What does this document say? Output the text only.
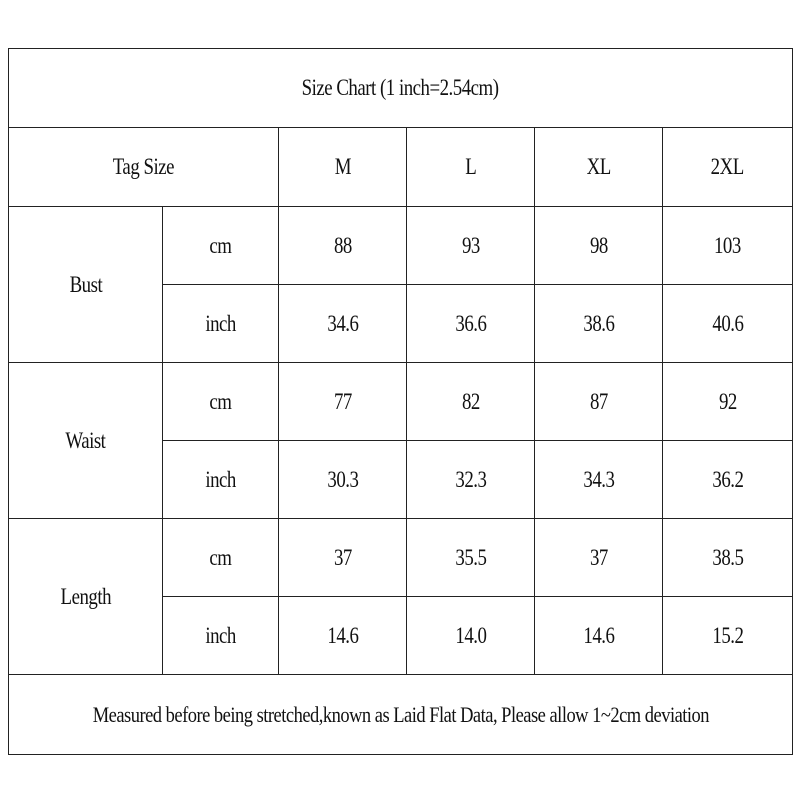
Size Chart (1 inch=2.54cm)					
Tag Size		M	L	XL	2XL
Bust	cm	88	93	98	103
	inch	34.6	36.6	38.6	40.6
Waist	cm	77	82	87	92
	inch	30.3	32.3	34.3	36.2
Length	cm	37	35.5	37	38.5
	inch	14.6	14.0	14.6	15.2
Measured before being stretched,known as Laid Flat Data, Please allow 1~2cm deviation					
